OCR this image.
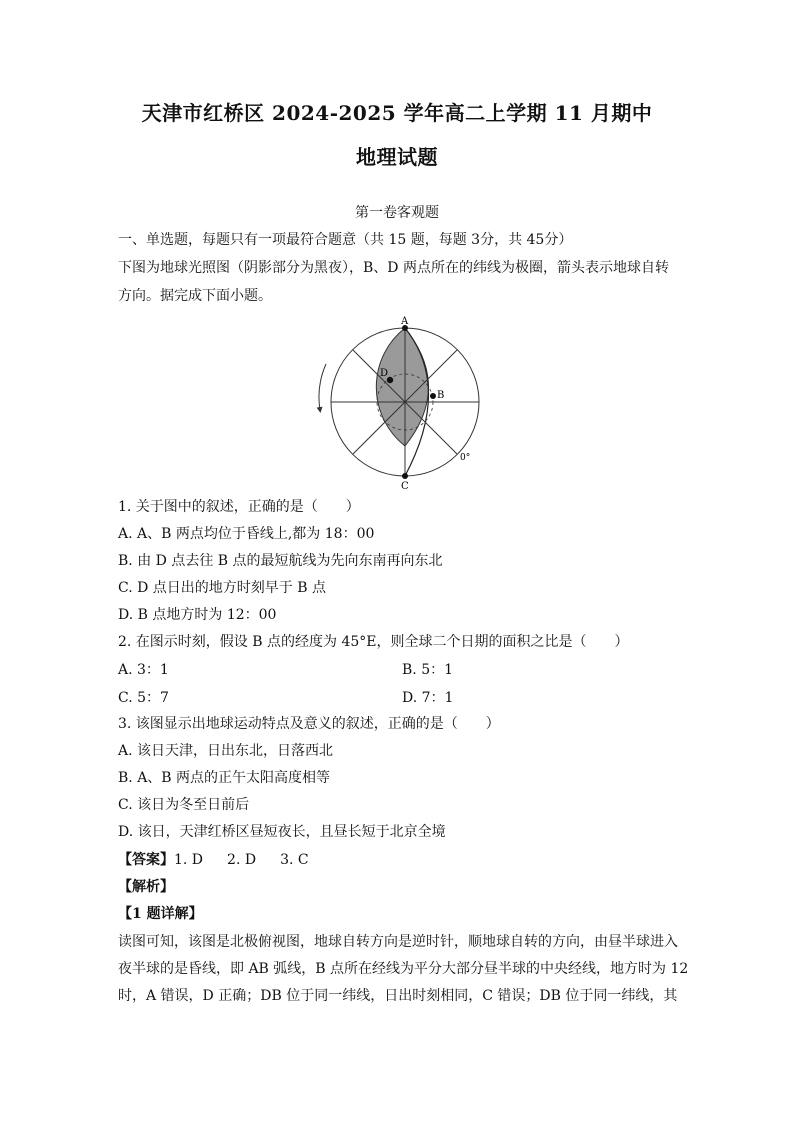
天津市红桥区 2024-2025 学年高二上学期 11 月期中
地理试题
第一卷客观题
一、单选题，每题只有一项最符合题意（共 15 题，每题 3分，共 45分）
下图为地球光照图（阴影部分为黑夜），B、D 两点所在的纬线为极圈，箭头表示地球自转
方向。据完成下面小题。
A
C
B
D
0°
1. 关于图中的叙述，正确的是（　　）
A. A、B 两点均位于昏线上,都为 18：00
B. 由 D 点去往 B 点的最短航线为先向东南再向东北
C. D 点日出的地方时刻早于 B 点
D. B 点地方时为 12：00
2. 在图示时刻，假设 B 点的经度为 45°E，则全球二个日期的面积之比是（　　）
A. 3：1	B. 5：1
C. 5：7	D. 7：1
3. 该图显示出地球运动特点及意义的叙述，正确的是（　　）
A. 该日天津，日出东北，日落西北
B. A、B 两点的正午太阳高度相等
C. 该日为冬至日前后
D. 该日，天津红桥区昼短夜长，且昼长短于北京全境
【答案】1. D 2. D 3. C
【解析】
【1 题详解】
读图可知，该图是北极俯视图，地球自转方向是逆时针，顺地球自转的方向，由昼半球进入
夜半球的是昏线，即 AB 弧线，B 点所在经线为平分大部分昼半球的中央经线，地方时为 12
时，A 错误，D 正确；DB 位于同一纬线，日出时刻相同，C 错误；DB 位于同一纬线，其
